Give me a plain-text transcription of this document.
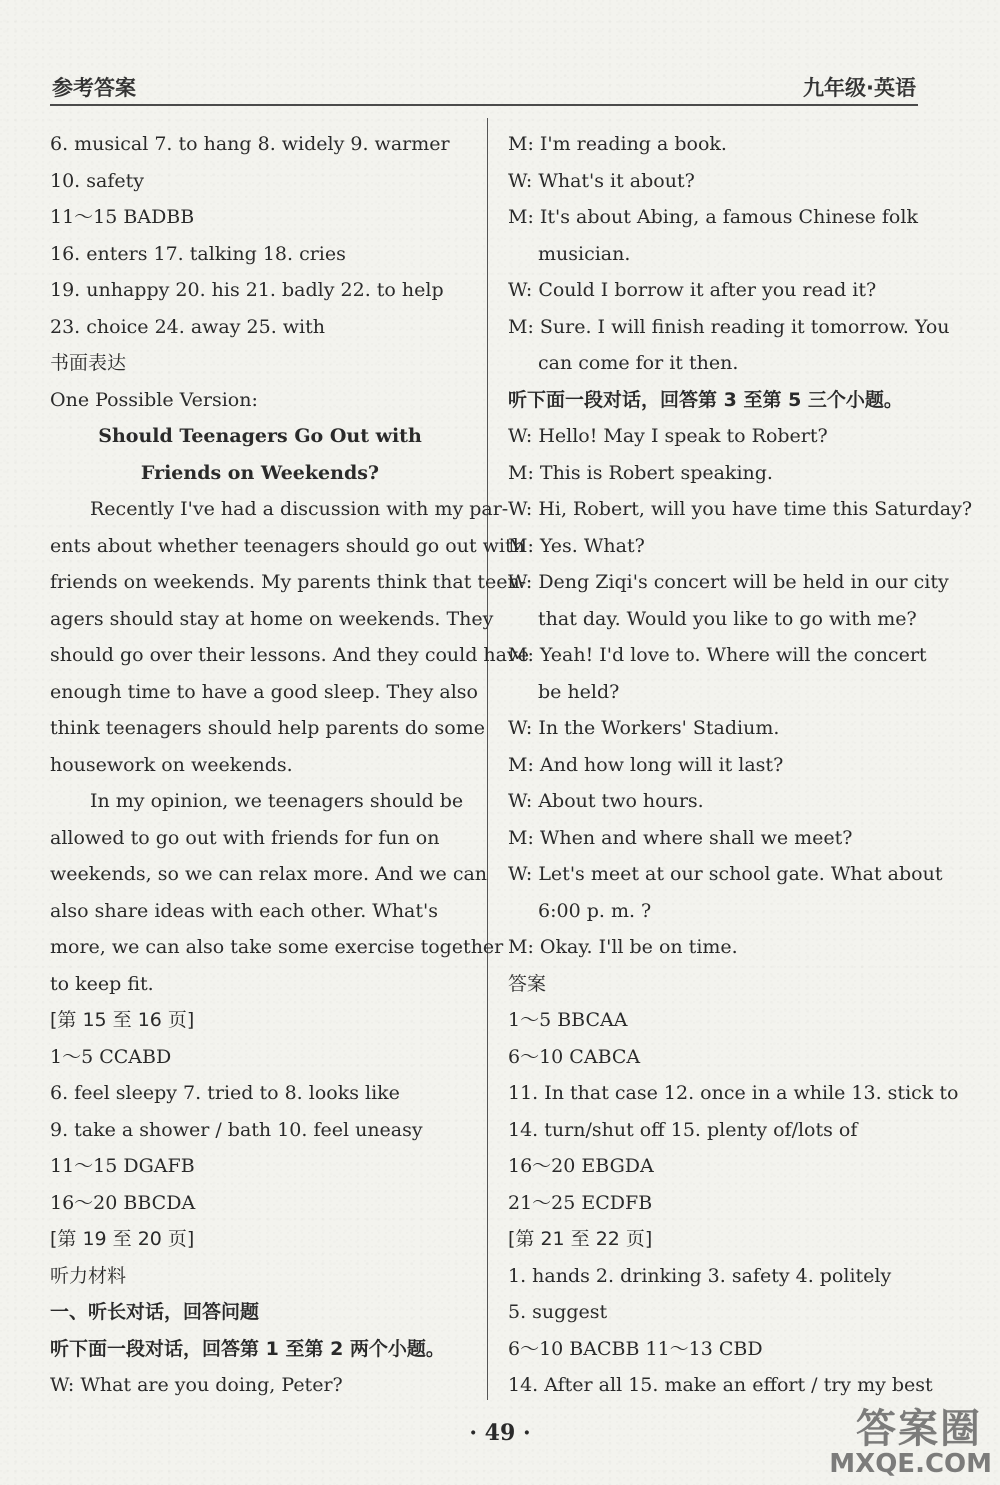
参考答案	九年级·英语
6. musical 7. to hang 8. widely 9. warmer
10. safety
11～15 BADBB
16. enters 17. talking 18. cries
19. unhappy 20. his 21. badly 22. to help
23. choice 24. away 25. with
书面表达
One Possible Version:
Should Teenagers Go Out with
Friends on Weekends?
Recently I've had a discussion with my par-
ents about whether teenagers should go out with
friends on weekends. My parents think that teen-
agers should stay at home on weekends. They
should go over their lessons. And they could have
enough time to have a good sleep. They also
think teenagers should help parents do some
housework on weekends.
In my opinion, we teenagers should be
allowed to go out with friends for fun on
weekends, so we can relax more. And we can
also share ideas with each other. What's
more, we can also take some exercise together
to keep fit.
[第 15 至 16 页]
1～5 CCABD
6. feel sleepy 7. tried to 8. looks like
9. take a shower / bath 10. feel uneasy
11～15 DGAFB
16～20 BBCDA
[第 19 至 20 页]
听力材料
一、听长对话，回答问题
听下面一段对话，回答第 1 至第 2 两个小题。
W: What are you doing, Peter?
M: I'm reading a book.
W: What's it about?
M: It's about Abing, a famous Chinese folk
musician.
W: Could I borrow it after you read it?
M: Sure. I will finish reading it tomorrow. You
can come for it then.
听下面一段对话，回答第 3 至第 5 三个小题。
W: Hello! May I speak to Robert?
M: This is Robert speaking.
W: Hi, Robert, will you have time this Saturday?
M: Yes. What?
W: Deng Ziqi's concert will be held in our city
that day. Would you like to go with me?
M: Yeah! I'd love to. Where will the concert
be held?
W: In the Workers' Stadium.
M: And how long will it last?
W: About two hours.
M: When and where shall we meet?
W: Let's meet at our school gate. What about
6:00 p. m. ?
M: Okay. I'll be on time.
答案
1～5 BBCAA
6～10 CABCA
11. In that case 12. once in a while 13. stick to
14. turn/shut off 15. plenty of/lots of
16～20 EBGDA
21～25 ECDFB
[第 21 至 22 页]
1. hands 2. drinking 3. safety 4. politely
5. suggest
6～10 BACBB 11～13 CBD
14. After all 15. make an effort / try my best
· 49 ·	答案圈
MXQE.COM
